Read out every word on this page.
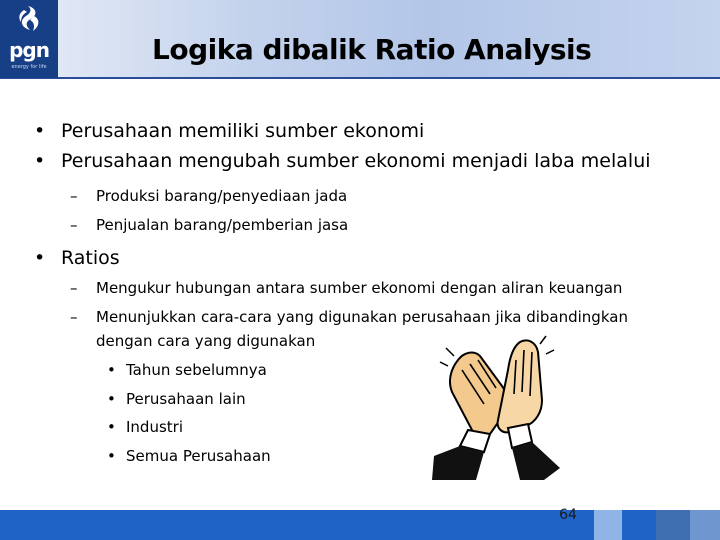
pgn
energy for life
Logika dibalik Ratio Analysis
• Perusahaan memiliki sumber ekonomi
• Perusahaan mengubah sumber ekonomi menjadi laba melalui
– Produksi barang/penyediaan jada
– Penjualan barang/pemberian jasa
• Ratios
– Mengukur hubungan antara sumber ekonomi dengan aliran keuangan
– Menunjukkan cara-cara yang digunakan perusahaan jika dibandingkan
dengan cara yang digunakan
• Tahun sebelumnya
• Perusahaan lain
• Industri
• Semua Perusahaan
64
